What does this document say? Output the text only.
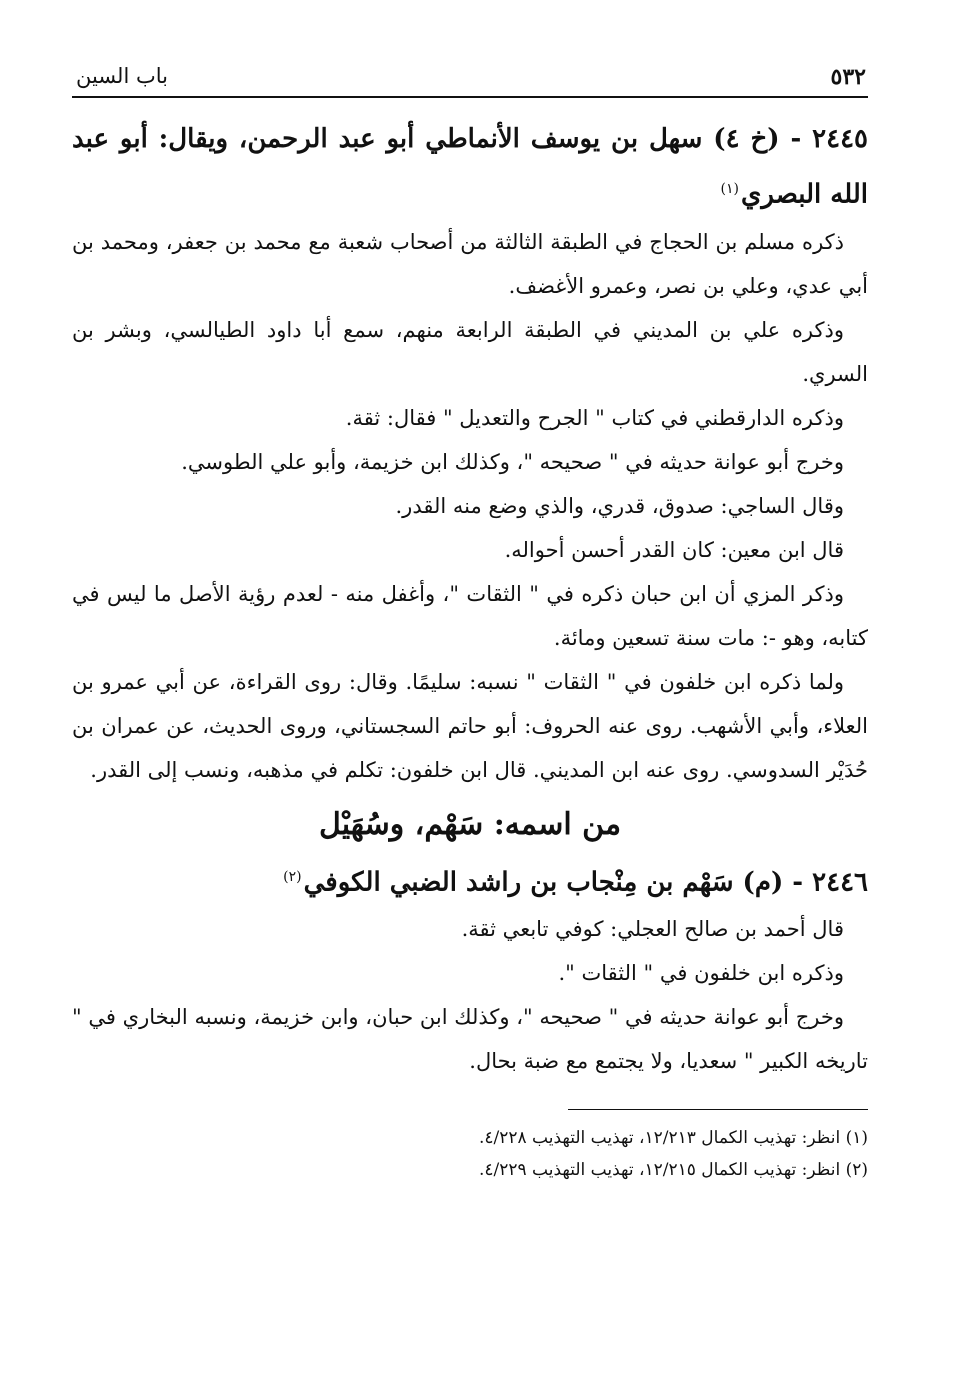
٥٣٢
باب السين
٢٤٤٥ - (خ ٤) سهل بن يوسف الأنماطي أبو عبد الرحمن، ويقال: أبو عبد الله البصري$^{(١)}$

ذكره مسلم بن الحجاج في الطبقة الثالثة من أصحاب شعبة مع محمد بن جعفر، ومحمد بن أبي عدي، وعلي بن نصر، وعمرو الأغضف.

وذكره علي بن المديني في الطبقة الرابعة منهم، سمع أبا داود الطيالسي، وبشر بن السري.

وذكره الدارقطني في كتاب " الجرح والتعديل " فقال: ثقة.

وخرج أبو عوانة حديثه في " صحيحه "، وكذلك ابن خزيمة، وأبو علي الطوسي.

وقال الساجي: صدوق، قدري، والذي وضع منه القدر.

قال ابن معين: كان القدر أحسن أحواله.

وذكر المزي أن ابن حبان ذكره في " الثقات "، وأغفل منه - لعدم رؤية الأصل ما ليس في كتابه، وهو -: مات سنة تسعين ومائة.

ولما ذكره ابن خلفون في " الثقات " نسبه: سليمًا. وقال: روى القراءة، عن أبي عمرو بن العلاء، وأبي الأشهب. روى عنه الحروف: أبو حاتم السجستاني، وروى الحديث، عن عمران بن حُدَيْر السدوسي. روى عنه ابن المديني. قال ابن خلفون: تكلم في مذهبه، ونسب إلى القدر.

من اسمه: سَهْم، وسُهَيْل
٢٤٤٦ - (م) سَهْم بن مِنْجاب بن راشد الضبي الكوفي$^{(٢)}$

قال أحمد بن صالح العجلي: كوفي تابعي ثقة.

وذكره ابن خلفون في " الثقات ".

وخرج أبو عوانة حديثه في " صحيحه "، وكذلك ابن حبان، وابن خزيمة، ونسبه البخاري في " تاريخه الكبير " سعديا، ولا يجتمع مع ضبة بحال.

(١) انظر: تهذيب الكمال ١٢/٢١٣، تهذيب التهذيب ٤/٢٢٨.

(٢) انظر: تهذيب الكمال ١٢/٢١٥، تهذيب التهذيب ٤/٢٢٩.
